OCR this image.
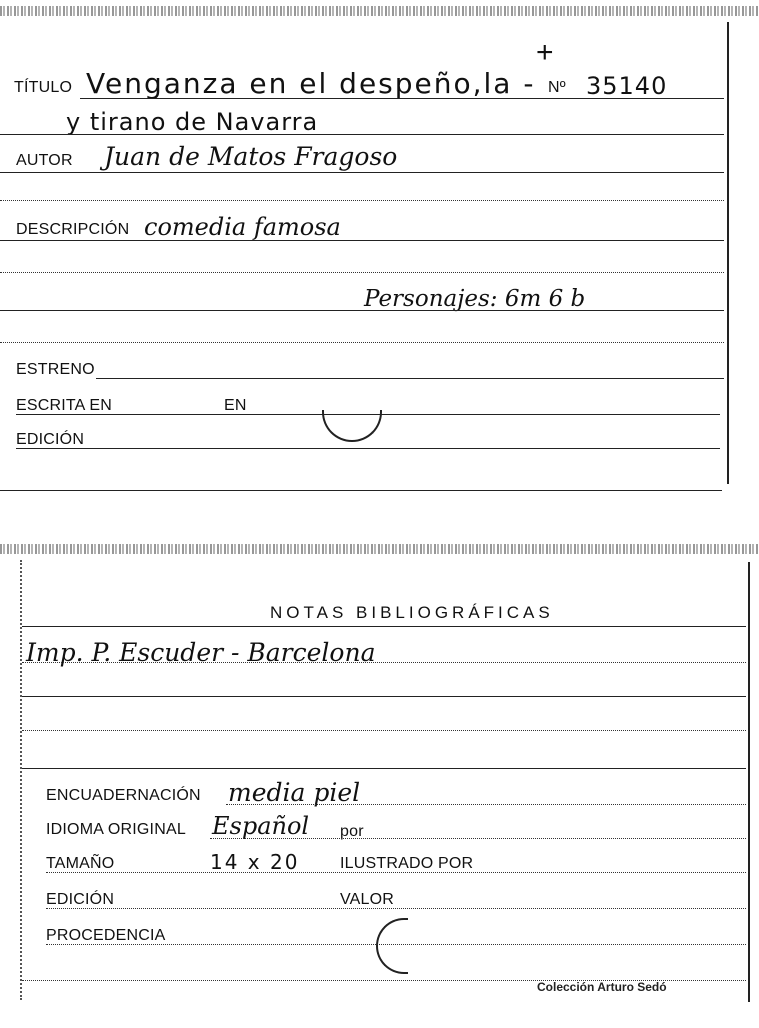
+
TÍTULO Venganza en el despeño,la - Nº 35140
y tirano de Navarra
AUTOR Juan de Matos Fragoso
DESCRIPCIÓN comedia famosa
Personajes: 6m 6 b
ESTRENO
ESCRITA EN	EN
EDICIÓN
NOTAS BIBLIOGRÁFICAS
Imp. P. Escuder - Barcelona
ENCUADERNACIÓN media piel
IDIOMA ORIGINAL Español por
TAMAÑO	14 x 20	ILUSTRADO POR
EDICIÓN	VALOR
PROCEDENCIA
Colección Arturo Sedó
